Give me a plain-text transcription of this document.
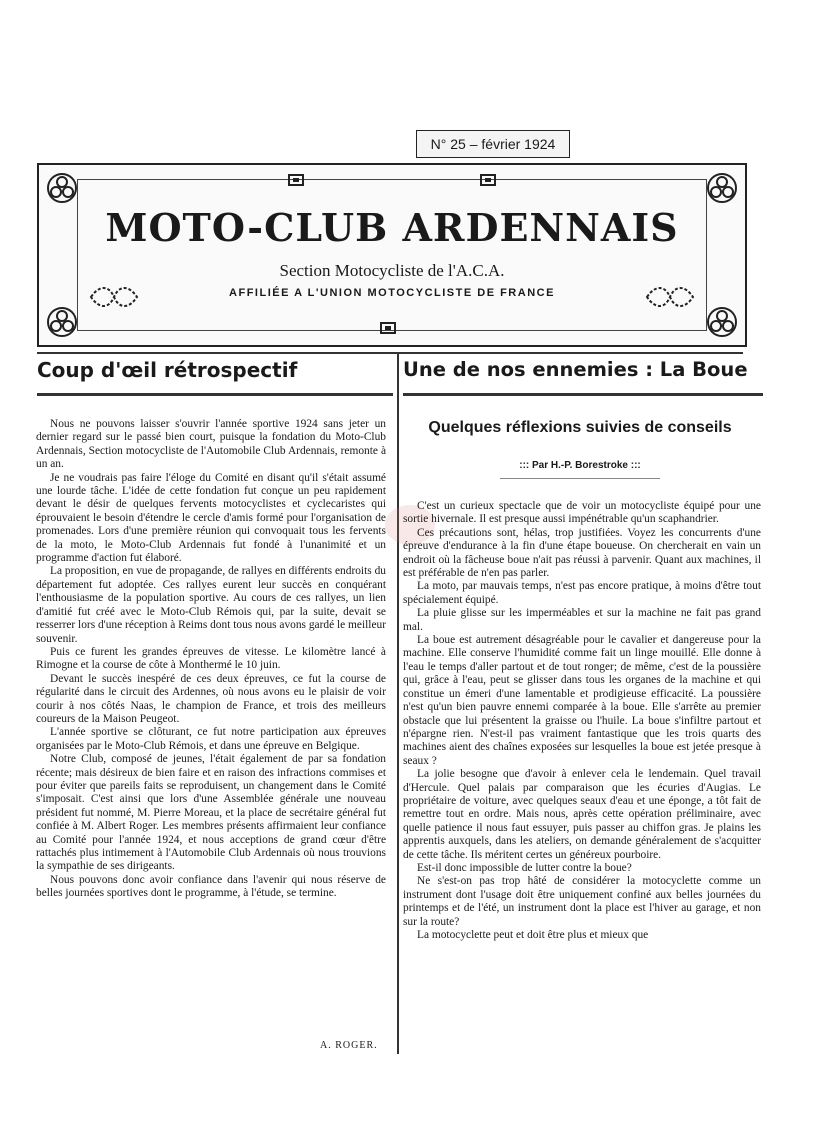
N° 25 – février 1924
MOTO-CLUB ARDENNAIS
Section Motocycliste de l'A.C.A.
AFFILIÉE A L'UNION MOTOCYCLISTE DE FRANCE
Coup d'œil rétrospectif	Une de nos ennemies : La Boue

Nous ne pouvons laisser s'ouvrir l'année sportive 1924 sans jeter un dernier regard sur le passé bien court, puisque la fondation du Moto-Club Ardennais, Section motocycliste de l'Automobile Club Ardennais, remonte à un an.

Je ne voudrais pas faire l'éloge du Comité en disant qu'il s'était assumé une lourde tâche. L'idée de cette fondation fut conçue un peu rapidement devant le désir de quelques fervents motocyclistes et cyclecaristes qui éprouvaient le besoin d'étendre le cercle d'amis formé pour l'organisation de promenades. Lors d'une première réunion qui convoquait tous les fervents de la moto, le Moto-Club Ardennais fut fondé à l'unanimité et un programme d'action fut élaboré.

La proposition, en vue de propagande, de rallyes en différents endroits du département fut adoptée. Ces rallyes eurent leur succès en conquérant l'enthousiasme de la population sportive. Au cours de ces rallyes, un lien d'amitié fut créé avec le Moto-Club Rémois qui, par la suite, devait se resserrer lors d'une réception à Reims dont tous nous avons gardé le meilleur souvenir.

Puis ce furent les grandes épreuves de vitesse. Le kilomètre lancé à Rimogne et la course de côte à Monthermé le 10 juin.

Devant le succès inespéré de ces deux épreuves, ce fut la course de régularité dans le circuit des Ardennes, où nous avons eu le plaisir de voir courir à nos côtés Naas, le champion de France, et trois des meilleurs coureurs de la Maison Peugeot.

L'année sportive se clôturant, ce fut notre participation aux épreuves organisées par le Moto-Club Rémois, et dans une épreuve en Belgique.

Notre Club, composé de jeunes, l'était également de par sa fondation récente; mais désireux de bien faire et en raison des infractions commises et pour éviter que pareils faits se reproduisent, un changement dans le Comité s'imposait. C'est ainsi que lors d'une Assemblée générale une nouveau président fut nommé, M. Pierre Moreau, et la place de secrétaire général fut confiée à M. Albert Roger. Les membres présents affirmaient leur confiance au Comité pour l'année 1924, et nous acceptions de grand cœur d'être rattachés plus intimement à l'Automobile Club Ardennais où nous trouvions la sympathie de ses dirigeants.

Nous pouvons donc avoir confiance dans l'avenir qui nous réserve de belles journées sportives dont le programme, à l'étude, se termine.

A. ROGER.
Quelques réflexions suivies de conseils
::: Par H.-P. Borestroke :::

C'est un curieux spectacle que de voir un motocycliste équipé pour une sortie hivernale. Il est presque aussi impénétrable qu'un scaphandrier.

Ces précautions sont, hélas, trop justifiées. Voyez les concurrents d'une épreuve d'endurance à la fin d'une étape boueuse. On chercherait en vain un endroit où la fâcheuse boue n'ait pas réussi à parvenir. Quant aux machines, il est préférable de n'en pas parler.

La moto, par mauvais temps, n'est pas encore pratique, à moins d'être tout spécialement équipé.

La pluie glisse sur les imperméables et sur la machine ne fait pas grand mal.

La boue est autrement désagréable pour le cavalier et dangereuse pour la machine. Elle conserve l'humidité comme fait un linge mouillé. Elle donne à l'eau le temps d'aller partout et de tout ronger; de même, c'est de la poussière qui, grâce à l'eau, peut se glisser dans tous les organes de la machine et qui constitue un émeri d'une lamentable et prodigieuse efficacité. La poussière n'est qu'un bien pauvre ennemi comparée à la boue. Elle s'arrête au premier obstacle que lui présentent la graisse ou l'huile. La boue s'infiltre partout et n'épargne rien. N'est-il pas vraiment fantastique que les trois quarts des machines aient des chaînes exposées sur lesquelles la boue est jetée presque à seaux ?

La jolie besogne que d'avoir à enlever cela le lendemain. Quel travail d'Hercule. Quel palais par comparaison que les écuries d'Augias. Le propriétaire de voiture, avec quelques seaux d'eau et une éponge, a tôt fait de remettre tout en ordre. Mais nous, après cette opération préliminaire, avec quelle patience il nous faut essuyer, puis passer au chiffon gras. Je plains les apprentis auxquels, dans les ateliers, on demande généralement de s'acquitter de cette tâche. Ils méritent certes un généreux pourboire.

Est-il donc impossible de lutter contre la boue?

Ne s'est-on pas trop hâté de considérer la motocyclette comme un instrument dont l'usage doit être uniquement confiné aux belles journées du printemps et de l'été, un instrument dont la place est l'hiver au garage, et non sur la route?

La motocyclette peut et doit être plus et mieux que
